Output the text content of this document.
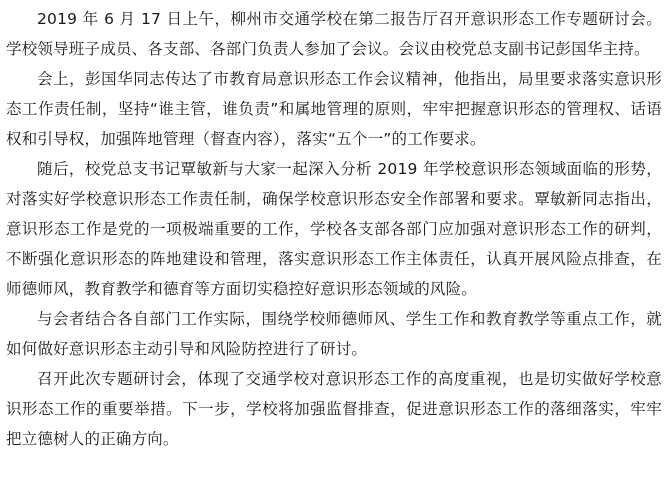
2019 年 6 月 17 日上午，柳州市交通学校在第二报告厅召开意识形态工作专题研讨会。学校领导班子成员、各支部、各部门负责人参加了会议。会议由校党总支副书记彭国华主持。

会上，彭国华同志传达了市教育局意识形态工作会议精神，他指出，局里要求落实意识形态工作责任制，坚持“谁主管，谁负责”和属地管理的原则，牢牢把握意识形态的管理权、话语权和引导权，加强阵地管理（督查内容），落实“五个一”的工作要求。

随后，校党总支书记覃敏新与大家一起深入分析 2019 年学校意识形态领域面临的形势，对落实好学校意识形态工作责任制，确保学校意识形态安全作部署和要求。覃敏新同志指出，意识形态工作是党的一项极端重要的工作，学校各支部各部门应加强对意识形态工作的研判，不断强化意识形态的阵地建设和管理，落实意识形态工作主体责任，认真开展风险点排查，在师德师风，教育教学和德育等方面切实稳控好意识形态领域的风险。

与会者结合各自部门工作实际，围绕学校师德师风、学生工作和教育教学等重点工作，就如何做好意识形态主动引导和风险防控进行了研讨。

召开此次专题研讨会，体现了交通学校对意识形态工作的高度重视，也是切实做好学校意识形态工作的重要举措。下一步，学校将加强监督排查，促进意识形态工作的落细落实，牢牢把立德树人的正确方向。
